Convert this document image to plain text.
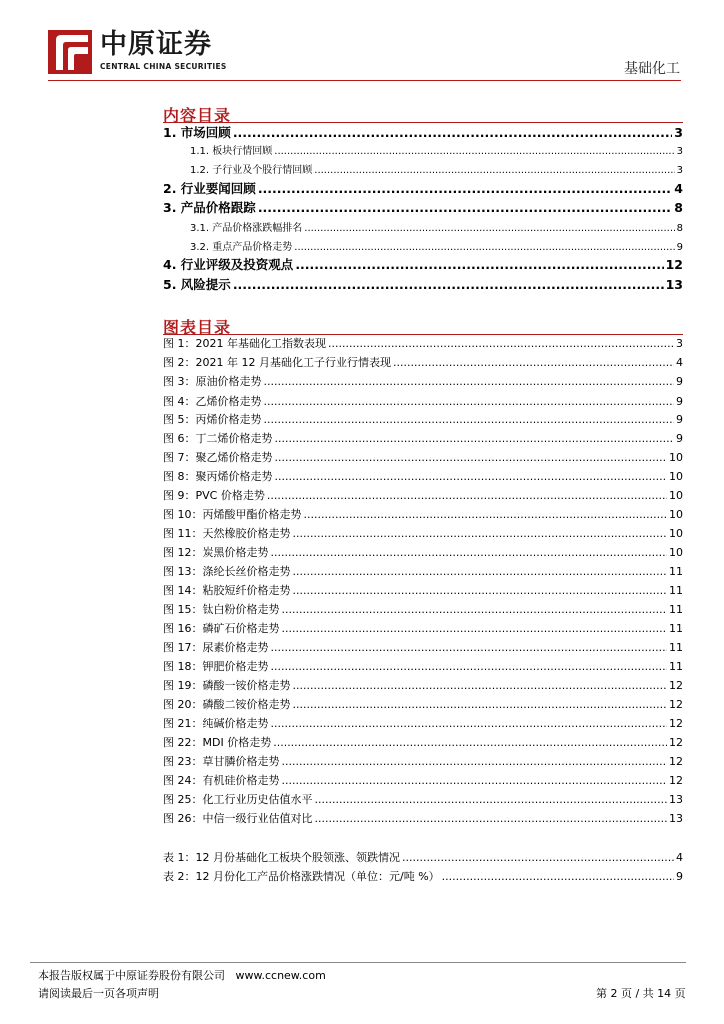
中原证券
CENTRAL CHINA SECURITIES	基础化工
内容目录
1. 市场回顾 .....	3
1.1. 板块行情回顾 .....	3
1.2. 子行业及个股行情回顾 .....	3
2. 行业要闻回顾 .....	4
3. 产品价格跟踪 .....	8
3.1. 产品价格涨跌幅排名 .....	8
3.2. 重点产品价格走势 .....	9
4. 行业评级及投资观点 .....	12
5. 风险提示 .....	13
图表目录
图 1：2021 年基础化工指数表现 .....	3
图 2：2021 年 12 月基础化工子行业行情表现 .....	4
图 3：原油价格走势 .....	9
图 4：乙烯价格走势 .....	9
图 5：丙烯价格走势 .....	9
图 6：丁二烯价格走势 .....	9
图 7：聚乙烯价格走势 .....	10
图 8：聚丙烯价格走势 .....	10
图 9：PVC 价格走势 .....	10
图 10：丙烯酸甲酯价格走势 .....	10
图 11：天然橡胶价格走势 .....	10
图 12：炭黑价格走势 .....	10
图 13：涤纶长丝价格走势 .....	11
图 14：粘胶短纤价格走势 .....	11
图 15：钛白粉价格走势 .....	11
图 16：磷矿石价格走势 .....	11
图 17：尿素价格走势 .....	11
图 18：钾肥价格走势 .....	11
图 19：磷酸一铵价格走势 .....	12
图 20：磷酸二铵价格走势 .....	12
图 21：纯碱价格走势 .....	12
图 22：MDI 价格走势 .....	12
图 23：草甘膦价格走势 .....	12
图 24：有机硅价格走势 .....	12
图 25：化工行业历史估值水平 .....	13
图 26：中信一级行业估值对比 .....	13
表 1：12 月份基础化工板块个股领涨、领跌情况 .....	4
表 2：12 月份化工产品价格涨跌情况（单位：元/吨 %） .....	9
本报告版权属于中原证券股份有限公司 www.ccnew.com
请阅读最后一页各项声明	第 2 页 / 共 14 页
